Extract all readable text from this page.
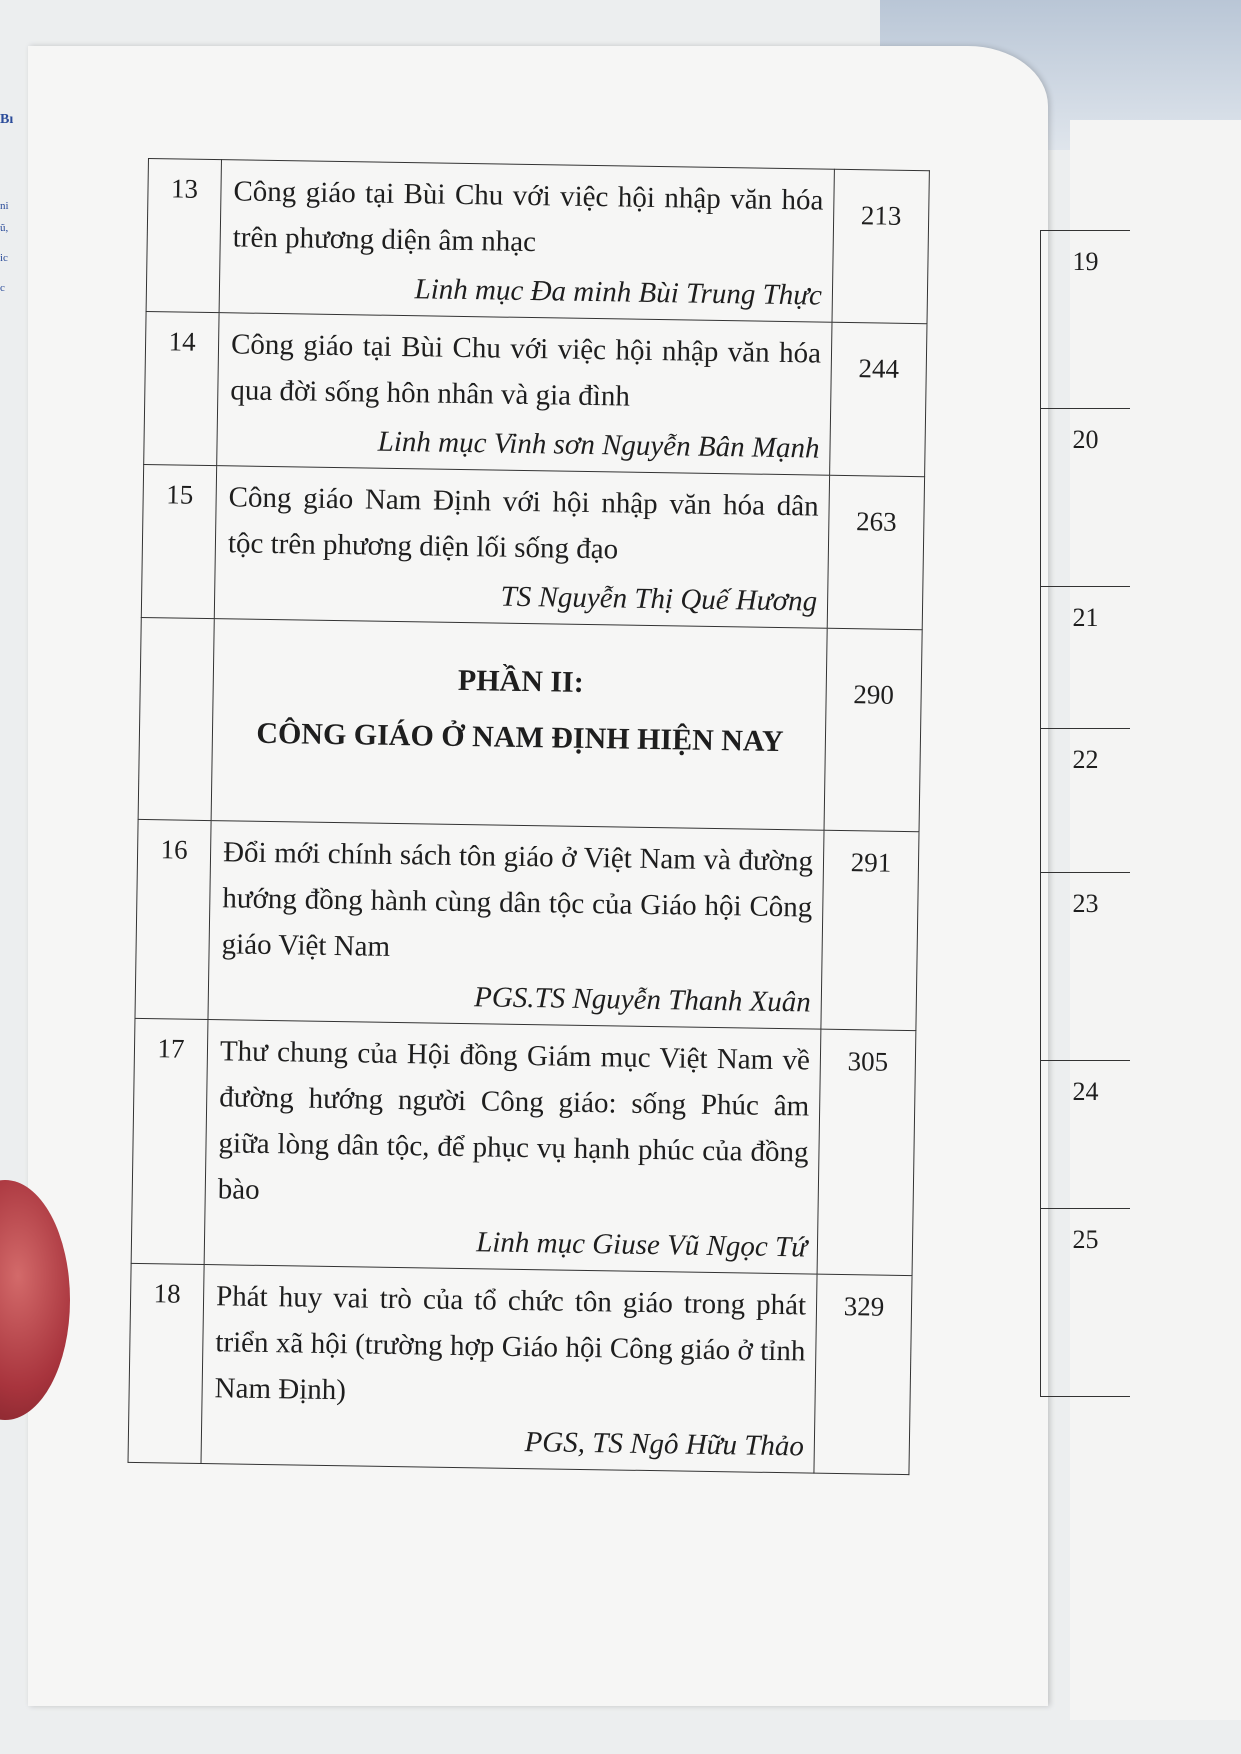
Bı
ni
ũ,
ic
c
13	Công giáo tại Bùi Chu với việc hội nhập văn hóa trên phương diện âm nhạc
Linh mục Đa minh Bùi Trung Thực	213
14	Công giáo tại Bùi Chu với việc hội nhập văn hóa qua đời sống hôn nhân và gia đình
Linh mục Vinh sơn Nguyễn Bân Mạnh	244
15	Công giáo Nam Định với hội nhập văn hóa dân tộc trên phương diện lối sống đạo
TS Nguyễn Thị Quế Hương	263

	PHẦN II:
CÔNG GIÁO Ở NAM ĐỊNH HIỆN NAY	290
16	Đổi mới chính sách tôn giáo ở Việt Nam và đường hướng đồng hành cùng dân tộc của Giáo hội Công giáo Việt Nam
PGS.TS Nguyễn Thanh Xuân	291
17	Thư chung của Hội đồng Giám mục Việt Nam về đường hướng người Công giáo: sống Phúc âm giữa lòng dân tộc, để phục vụ hạnh phúc của đồng bào
Linh mục Giuse Vũ Ngọc Tứ	305
18	Phát huy vai trò của tổ chức tôn giáo trong phát triển xã hội (trường hợp Giáo hội Công giáo ở tỉnh Nam Định)
PGS, TS Ngô Hữu Thảo	329
19
20
21
22
23
24
25
